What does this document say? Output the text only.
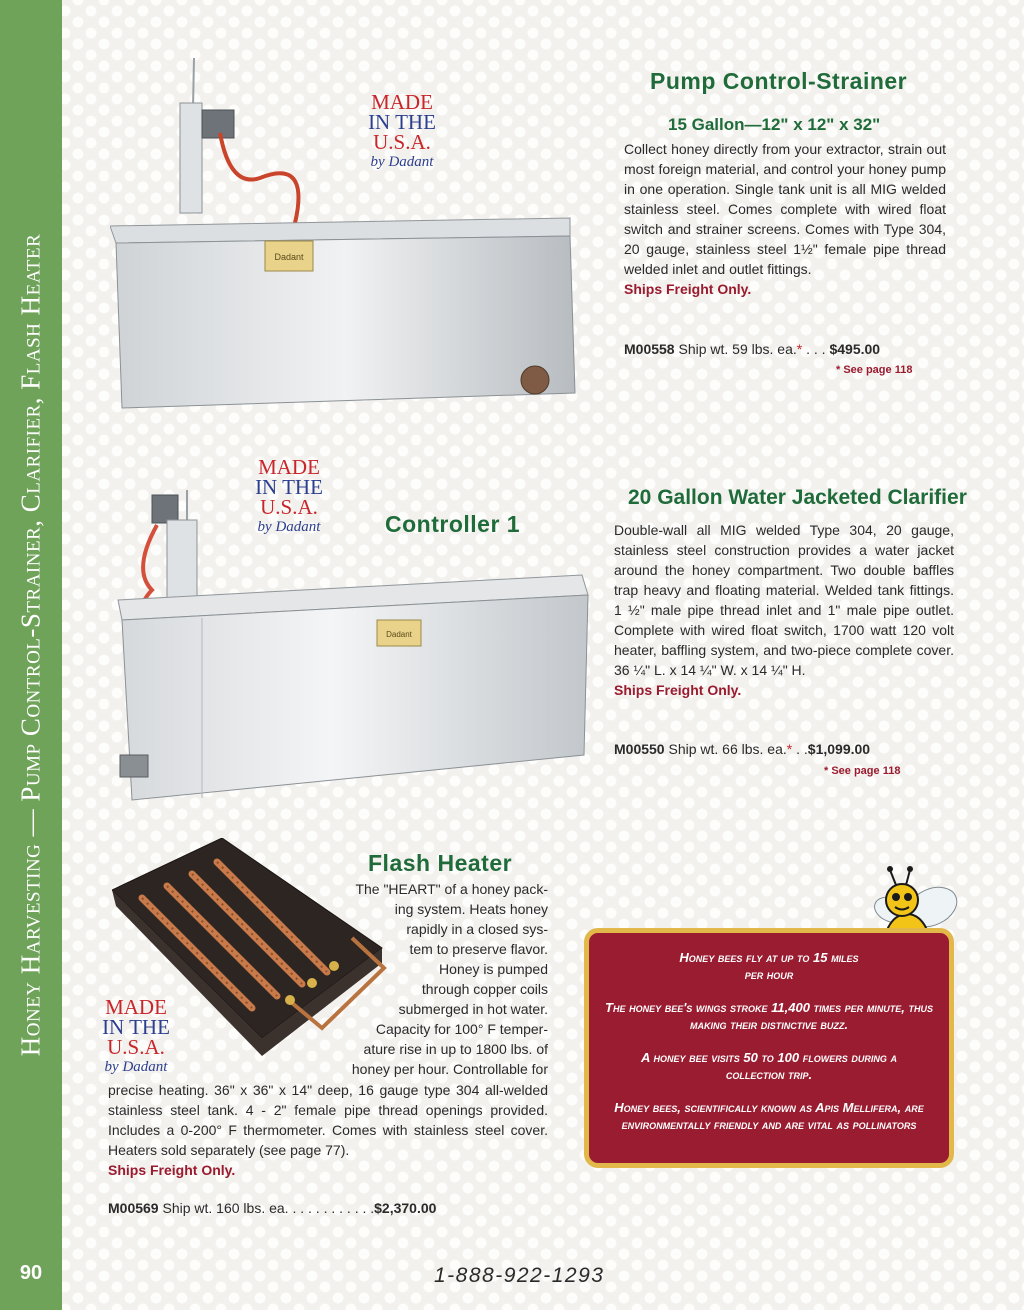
Honey Harvesting — Pump Control-Strainer, Clarifier, Flash Heater
90
Dadant
MADE
IN THE
U.S.A.
by Dadant
Pump Control-Strainer
15 Gallon—12" x 12" x 32"
Collect honey directly from your extractor, strain out most foreign material, and control your honey pump in one operation. Single tank unit is all MIG welded stainless steel. Comes complete with wired float switch and strainer screens. Comes with Type 304, 20 gauge, stainless steel 1½" female pipe thread welded inlet and outlet fittings.
Ships Freight Only.
M00558 Ship wt. 59 lbs. ea.* . . . $495.00
* See page 118
Dadant
MADE
IN THE
U.S.A.
by Dadant	Controller 1
20 Gallon Water Jacketed Clarifier
Double-wall all MIG welded Type 304, 20 gauge, stainless steel construction provides a water jacket around the honey compartment. Two double baffles trap heavy and floating material. Welded tank fittings. 1 ½" male pipe thread inlet and 1" male pipe outlet. Complete with wired float switch, 1700 watt 120 volt heater, baffling system, and two-piece complete cover. 36 ¼" L. x 14 ¼" W. x 14 ¼" H.
Ships Freight Only.
M00550 Ship wt. 66 lbs. ea.* . .$1,099.00
* See page 118
MADE
IN THE
U.S.A.
by Dadant
Flash Heater
The "HEART" of a honey pack-
ing system. Heats honey
rapidly in a closed sys-
tem to preserve flavor.
Honey is pumped
through copper coils
submerged in hot water.
Capacity for 100° F temper-
ature rise in up to 1800 lbs. of
honey per hour. Controllable for
precise heating. 36" x 36" x 14" deep, 16 gauge type 304 all-welded stainless steel tank. 4 - 2" female pipe thread openings provided. Includes a 0-200° F thermometer. Comes with stainless steel cover. Heaters sold separately (see page 77).
Ships Freight Only.
M00569 Ship wt. 160 lbs. ea. . . . . . . . . . . .$2,370.00
Honey bees fly at up to 15 miles per hour
The honey bee's wings stroke 11,400 times per minute, thus making their distinctive buzz.
A honey bee visits 50 to 100 flowers during a collection trip.
Honey bees, scientifically known as Apis Mellifera, are environmentally friendly and are vital as pollinators
1-888-922-1293
